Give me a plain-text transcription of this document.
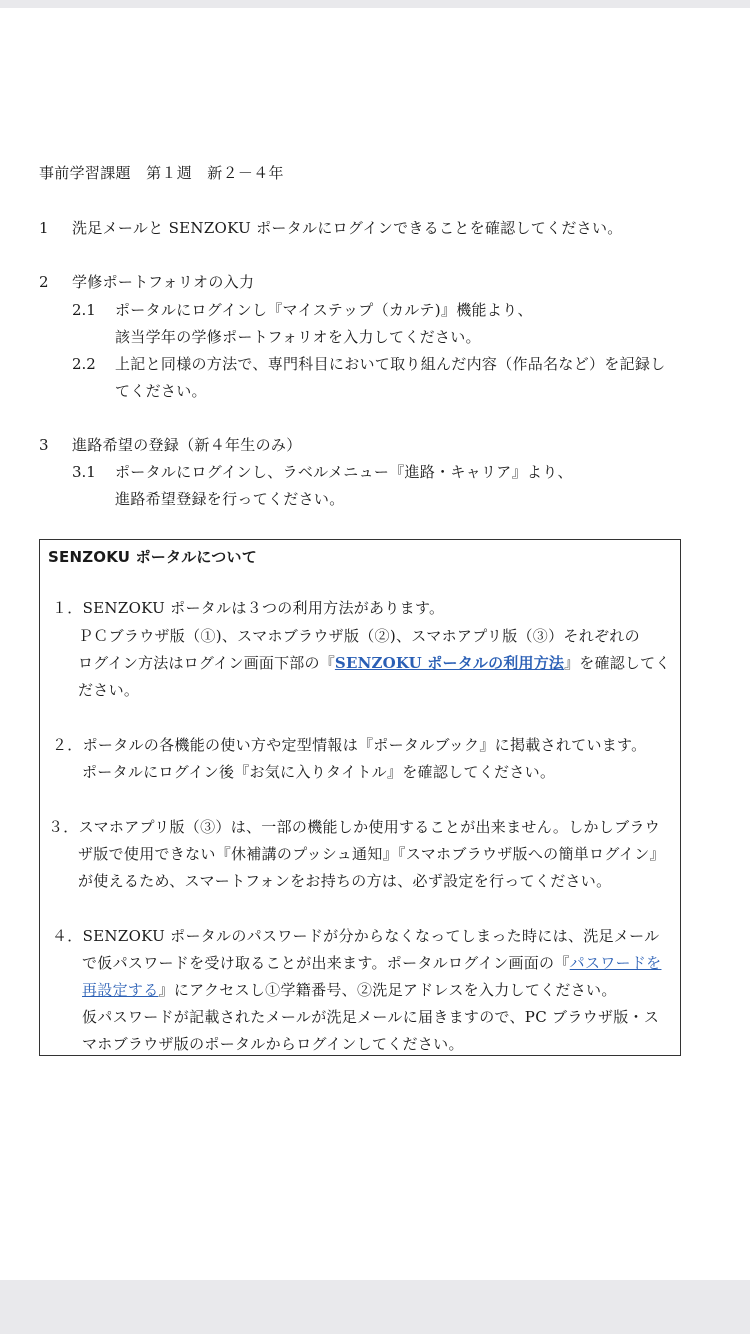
事前学習課題　第１週　新２－４年
1 洗足メールと SENZOKU ポータルにログインできることを確認してください。
2 学修ポートフォリオの入力
2.1 ポータルにログインし『マイステップ（カルテ)』機能より、
該当学年の学修ポートフォリオを入力してください。
2.2 上記と同様の方法で、専門科目において取り組んだ内容（作品名など）を記録し
てください。
3 進路希望の登録（新４年生のみ）
3.1 ポータルにログインし、ラベルメニュー『進路・キャリア』より、
進路希望登録を行ってください。
SENZOKU ポータルについて
１．SENZOKU ポータルは３つの利用方法があります。
ＰＣブラウザ版（①)、スマホブラウザ版（②)、スマホアプリ版（③）それぞれの
ログイン方法はログイン画面下部の『SENZOKU ポータルの利用方法』を確認してく
ださい。
２．ポータルの各機能の使い方や定型情報は『ポータルブック』に掲載されています。
ポータルにログイン後『お気に入りタイトル』を確認してください。
３．スマホアプリ版（③）は、一部の機能しか使用することが出来ません。しかしブラウ
ザ版で使用できない『休補講のプッシュ通知』『スマホブラウザ版への簡単ログイン』
が使えるため、スマートフォンをお持ちの方は、必ず設定を行ってください。
４．SENZOKU ポータルのパスワードが分からなくなってしまった時には、洗足メール
で仮パスワードを受け取ることが出来ます。ポータルログイン画面の『パスワードを
再設定する』にアクセスし①学籍番号、②洗足アドレスを入力してください。
仮パスワードが記載されたメールが洗足メールに届きますので、PC ブラウザ版・ス
マホブラウザ版のポータルからログインしてください。
